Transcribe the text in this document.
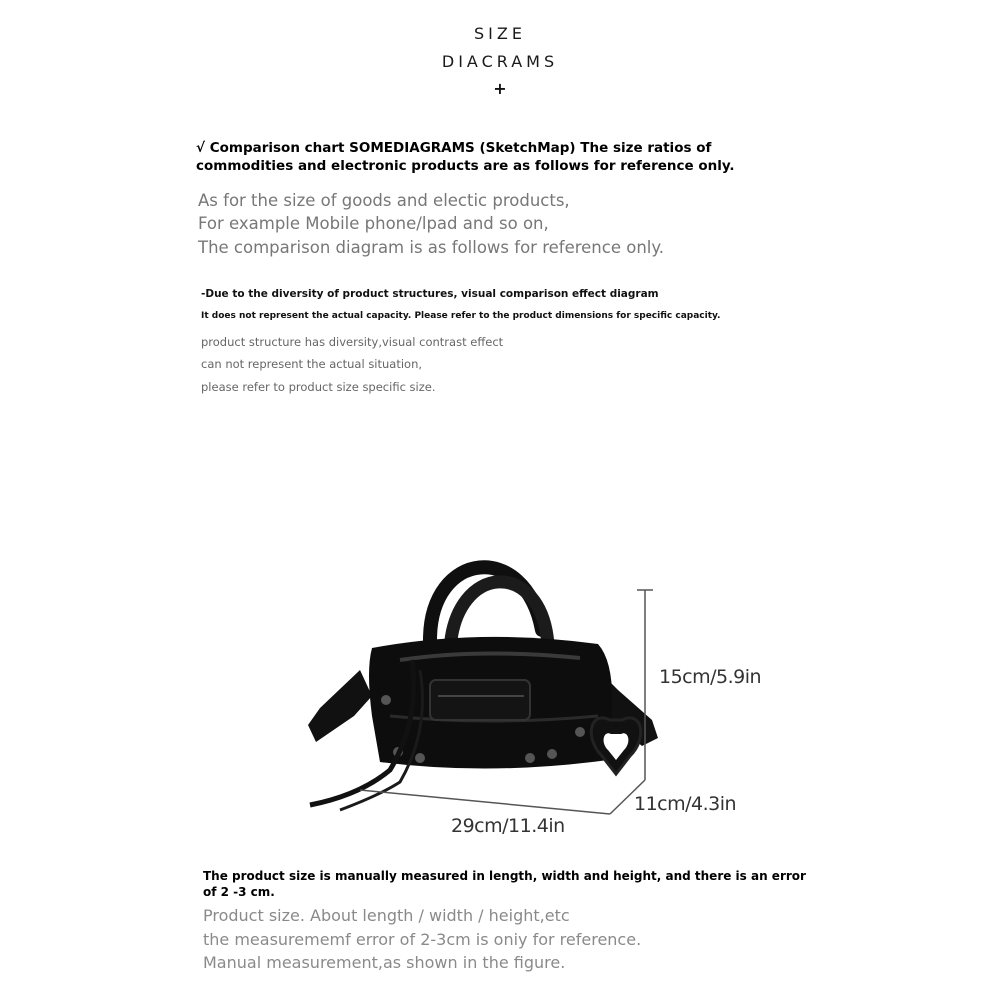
SIZE
DIACRAMS
+
√ Comparison chart SOMEDIAGRAMS (SketchMap) The size ratios of commodities and electronic products are as follows for reference only.
As for the size of goods and electic products,
For example Mobile phone/lpad and so on,
The comparison diagram is as follows for reference only.
-Due to the diversity of product structures, visual comparison effect diagram
It does not represent the actual capacity. Please refer to the product dimensions for specific capacity.
product structure has diversity,visual contrast effect
can not represent the actual situation,
please refer to product size specific size.
15cm/5.9in
11cm/4.3in
29cm/11.4in
The product size is manually measured in length, width and height, and there is an error of 2 -3 cm.
Product size. About length / width / height,etc
the measurememf error of 2-3cm is oniy for reference.
Manual measurement,as shown in the figure.
